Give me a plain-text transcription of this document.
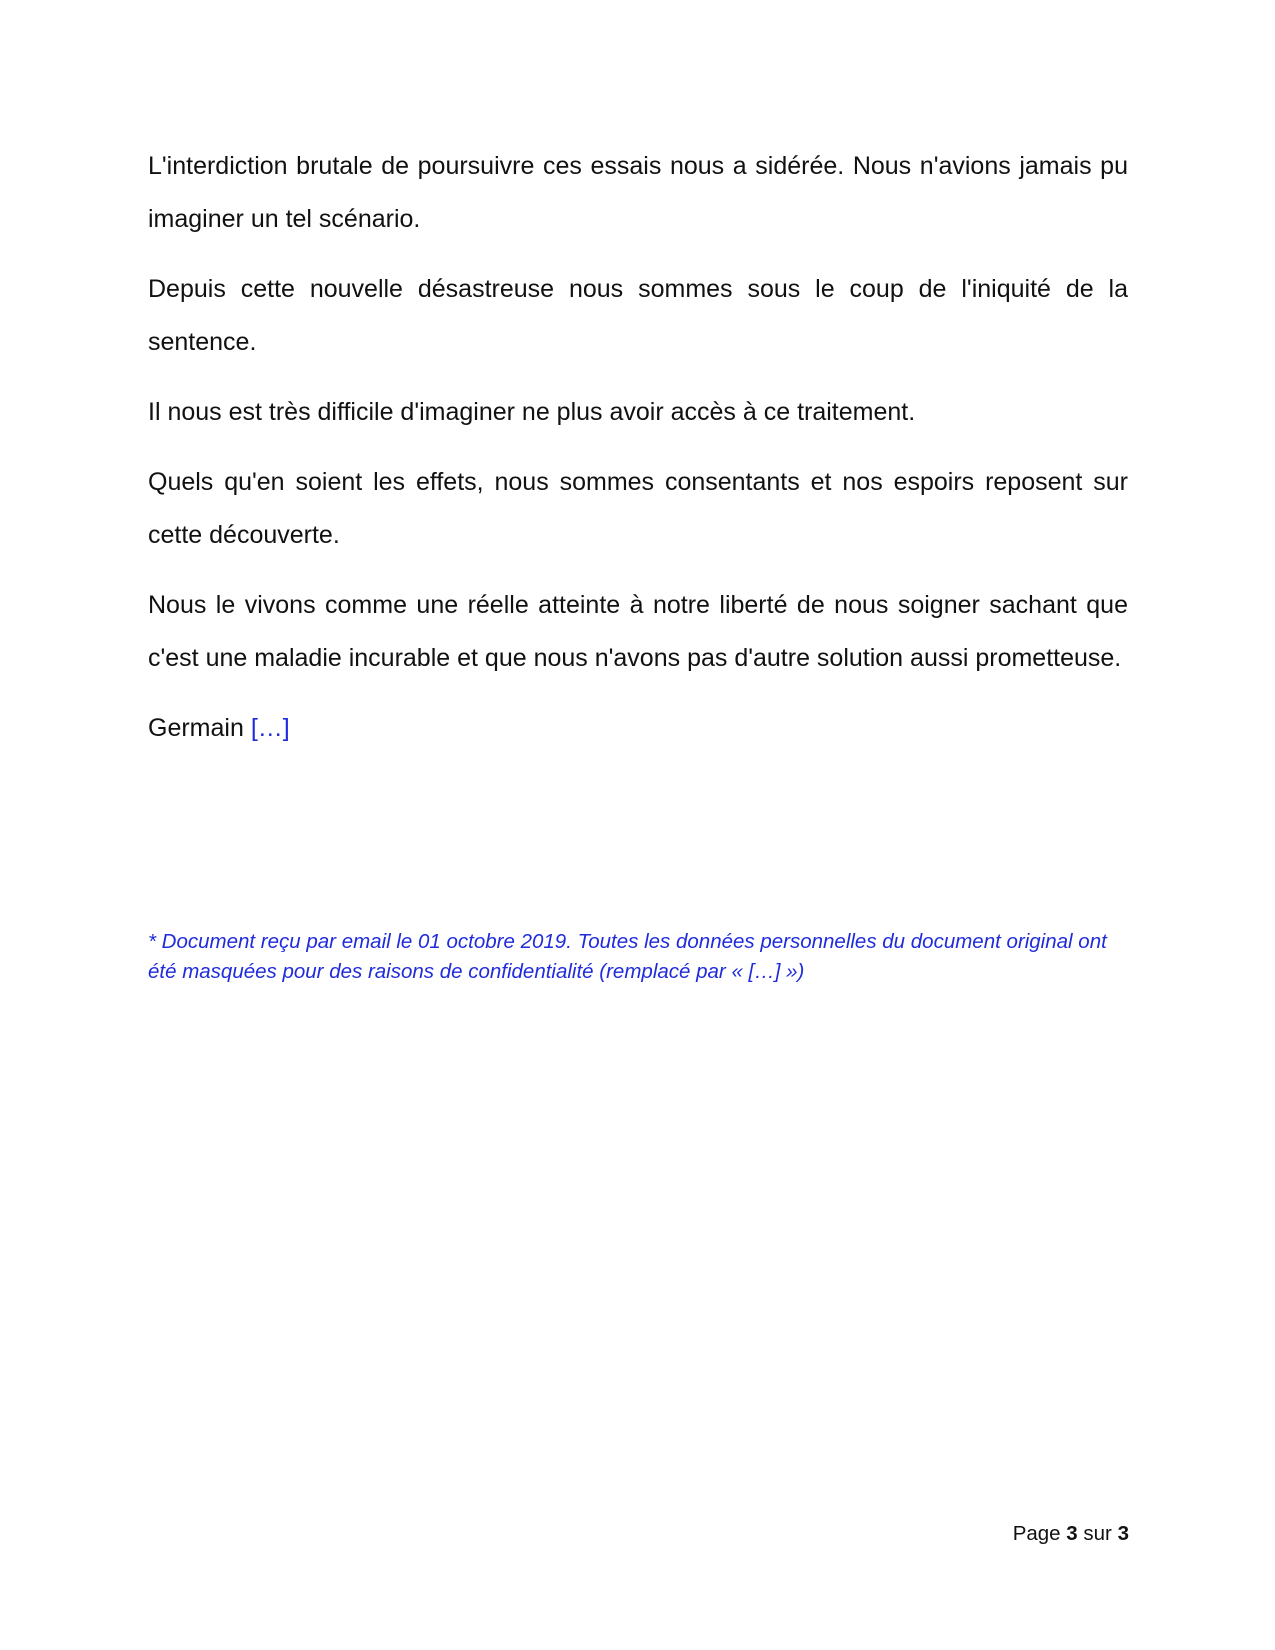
L'interdiction brutale de poursuivre ces essais nous a sidérée. Nous n'avions jamais pu imaginer un tel scénario.

Depuis cette nouvelle désastreuse nous sommes sous le coup de l'iniquité de la sentence.

Il nous est très difficile d'imaginer ne plus avoir accès à ce traitement.

Quels qu'en soient les effets, nous sommes consentants et nos espoirs reposent sur cette découverte.

Nous le vivons comme une réelle atteinte à notre liberté de nous soigner sachant que c'est une maladie incurable et que nous n'avons pas d'autre solution aussi prometteuse.

Germain […]

* Document reçu par email le 01 octobre 2019. Toutes les données personnelles du document original ont été masquées pour des raisons de confidentialité (remplacé par « […] »)

Page 3 sur 3
